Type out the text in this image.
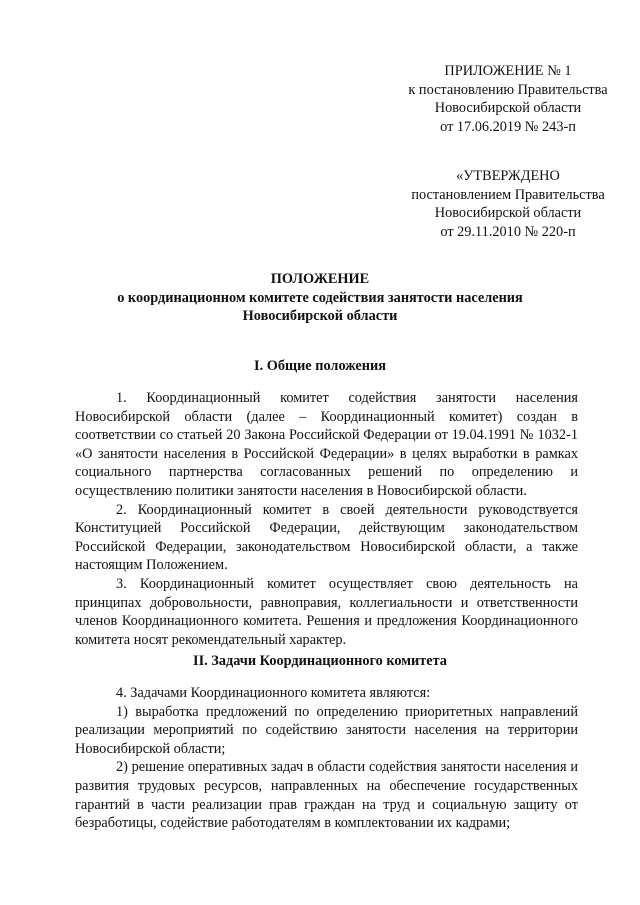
ПРИЛОЖЕНИЕ № 1
к постановлению Правительства
Новосибирской области
от 17.06.2019 № 243-п
«УТВЕРЖДЕНО
постановлением Правительства
Новосибирской области
от 29.11.2010 № 220-п
ПОЛОЖЕНИЕ
о координационном комитете содействия занятости населения
Новосибирской области
I. Общие положения

1. Координационный комитет содействия занятости населения Новосибирской области (далее – Координационный комитет) создан в соответствии со статьей 20 Закона Российской Федерации от 19.04.1991 № 1032-1 «О занятости населения в Российской Федерации» в целях выработки в рамках социального партнерства согласованных решений по определению и осуществлению политики занятости населения в Новосибирской области.

2. Координационный комитет в своей деятельности руководствуется Конституцией Российской Федерации, действующим законодательством Российской Федерации, законодательством Новосибирской области, а также настоящим Положением.

3. Координационный комитет осуществляет свою деятельность на принципах добровольности, равноправия, коллегиальности и ответственности членов Координационного комитета. Решения и предложения Координационного комитета носят рекомендательный характер.

II. Задачи Координационного комитета

4. Задачами Координационного комитета являются:

1) выработка предложений по определению приоритетных направлений реализации мероприятий по содействию занятости населения на территории Новосибирской области;

2) решение оперативных задач в области содействия занятости населения и развития трудовых ресурсов, направленных на обеспечение государственных гарантий в части реализации прав граждан на труд и социальную защиту от безработицы, содействие работодателям в комплектовании их кадрами;
